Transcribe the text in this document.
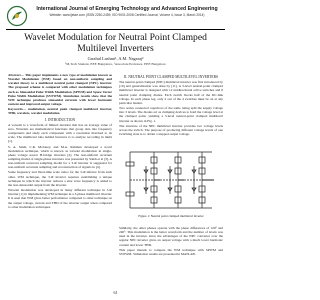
International Journal of Emerging Technology and Advanced Engineering
Website: www.ijetae.com (ISSN 2250-2459, ISO 9001:2008 Certified Journal, Volume 4, Issue 3, March 2014)
Wavelet Modulation for Neutral Point Clamped Multilevel Inverters
Grrahul Lushmi¹, A.M. Nagaraj²
¹M.Tech Student, EEE Bangalore, ²Associate Professor, EEE Bangalore

Abstract— This paper implements a new type of modulation known as Wavelet Modulation (WM) based on non-uniform sampling and wavelet theory to a multilevel neutral point clamped (NPC) inverter. The proposed scheme is compared with other modulation techniques such as Sinusoidal Pulse Width Modulation (SPWM) and Space Vector Pulse Width Modulation (SVPWM). Simulation results show that the WM technique produces sinusoidal currents with lower harmonic content and improved output voltage.

Keywords— modulation, neutral point clamped multilevel inverter, THD, wavelets, wavelet modulation.

I. INTRODUCTION

A wavelet is a waveform of limited duration that has an average value of zero. Wavelets are mathematical functions that group data into frequency components and study each component with a resolution matched to its scale. The multilevel idea behind inverters is to analyze recording in multi [1].

S. A. Saleh, C.R. Moloney, and M.A. Rahman developed a novel modulation technique, which is known as wavelet modulation in single-phase voltage source H-bridge inverters [2]. The non-uniform recurrent sampling model of single-phase inverters was presented by Saleh et al [3]. A non-uniform recurrent sampling model for a 3-Φ inverter is suggested for non-uniform recurrent sampling and reconstruction of signals in [4].

Some frequency and fixed-time scale ratios for the 3-Φ inferior from such other. WM technique, the 3-Φ inverter requires establishing a unique technique in which the inverter reduces a sine wave frequency is added to the non-sinusoidal output from the inverter.

Wavelet modulation was developed in many different technique in 3-Φ inverter [1] in implementing WM technique in a 3-phase multilevel inverter. It is seen that WM gives better performance compared to other technique on the output voltage, current and THD of the inverter output when compared to other modulation techniques.

II. NEUTRAL POINT CLAMPED MULTILEVEL INVERTERS

The neutral-point clamped (NPC) multilevel inverter was first introduced by [10] and generalization was done by [11]. A 3-level neutral-point clamped multilevel inverter is designed with 12 unidirectional active switches and 6 neutral point clamping diodes. Each switch blocks half of the DC-link voltage. In each phase leg, only 2 out of the 4 switches must be on at any particular instant.

Two series connected capacitors of the same rating split the supply voltage into 3 levels. The diodes act as clamping devices to hold the voltage level at the clamped point, yielding a 3-level neutral-point clamped multilevel inverter as shown in Fig. 1.

The structure of the NPC multilevel inverter provides two voltage levels across the switch. The purpose of producing different voltage levels of one switching state is to obtain a stepped output voltage.

Figure 1: Neutral point clamped multilevel inverter

Similarly, the other phases operate with the phase differences of 120° and 240°. This modulation is the better waveform and the number of levels was used in the inverter, since the advantages of the NPC converter over the regular NPC inverter gives an output voltage with a much lower harmonic content and lower THD.

This paper intends to compare the WM technique with SPWM and SVPWM. Simulation results are presented in MATLAB.

61
